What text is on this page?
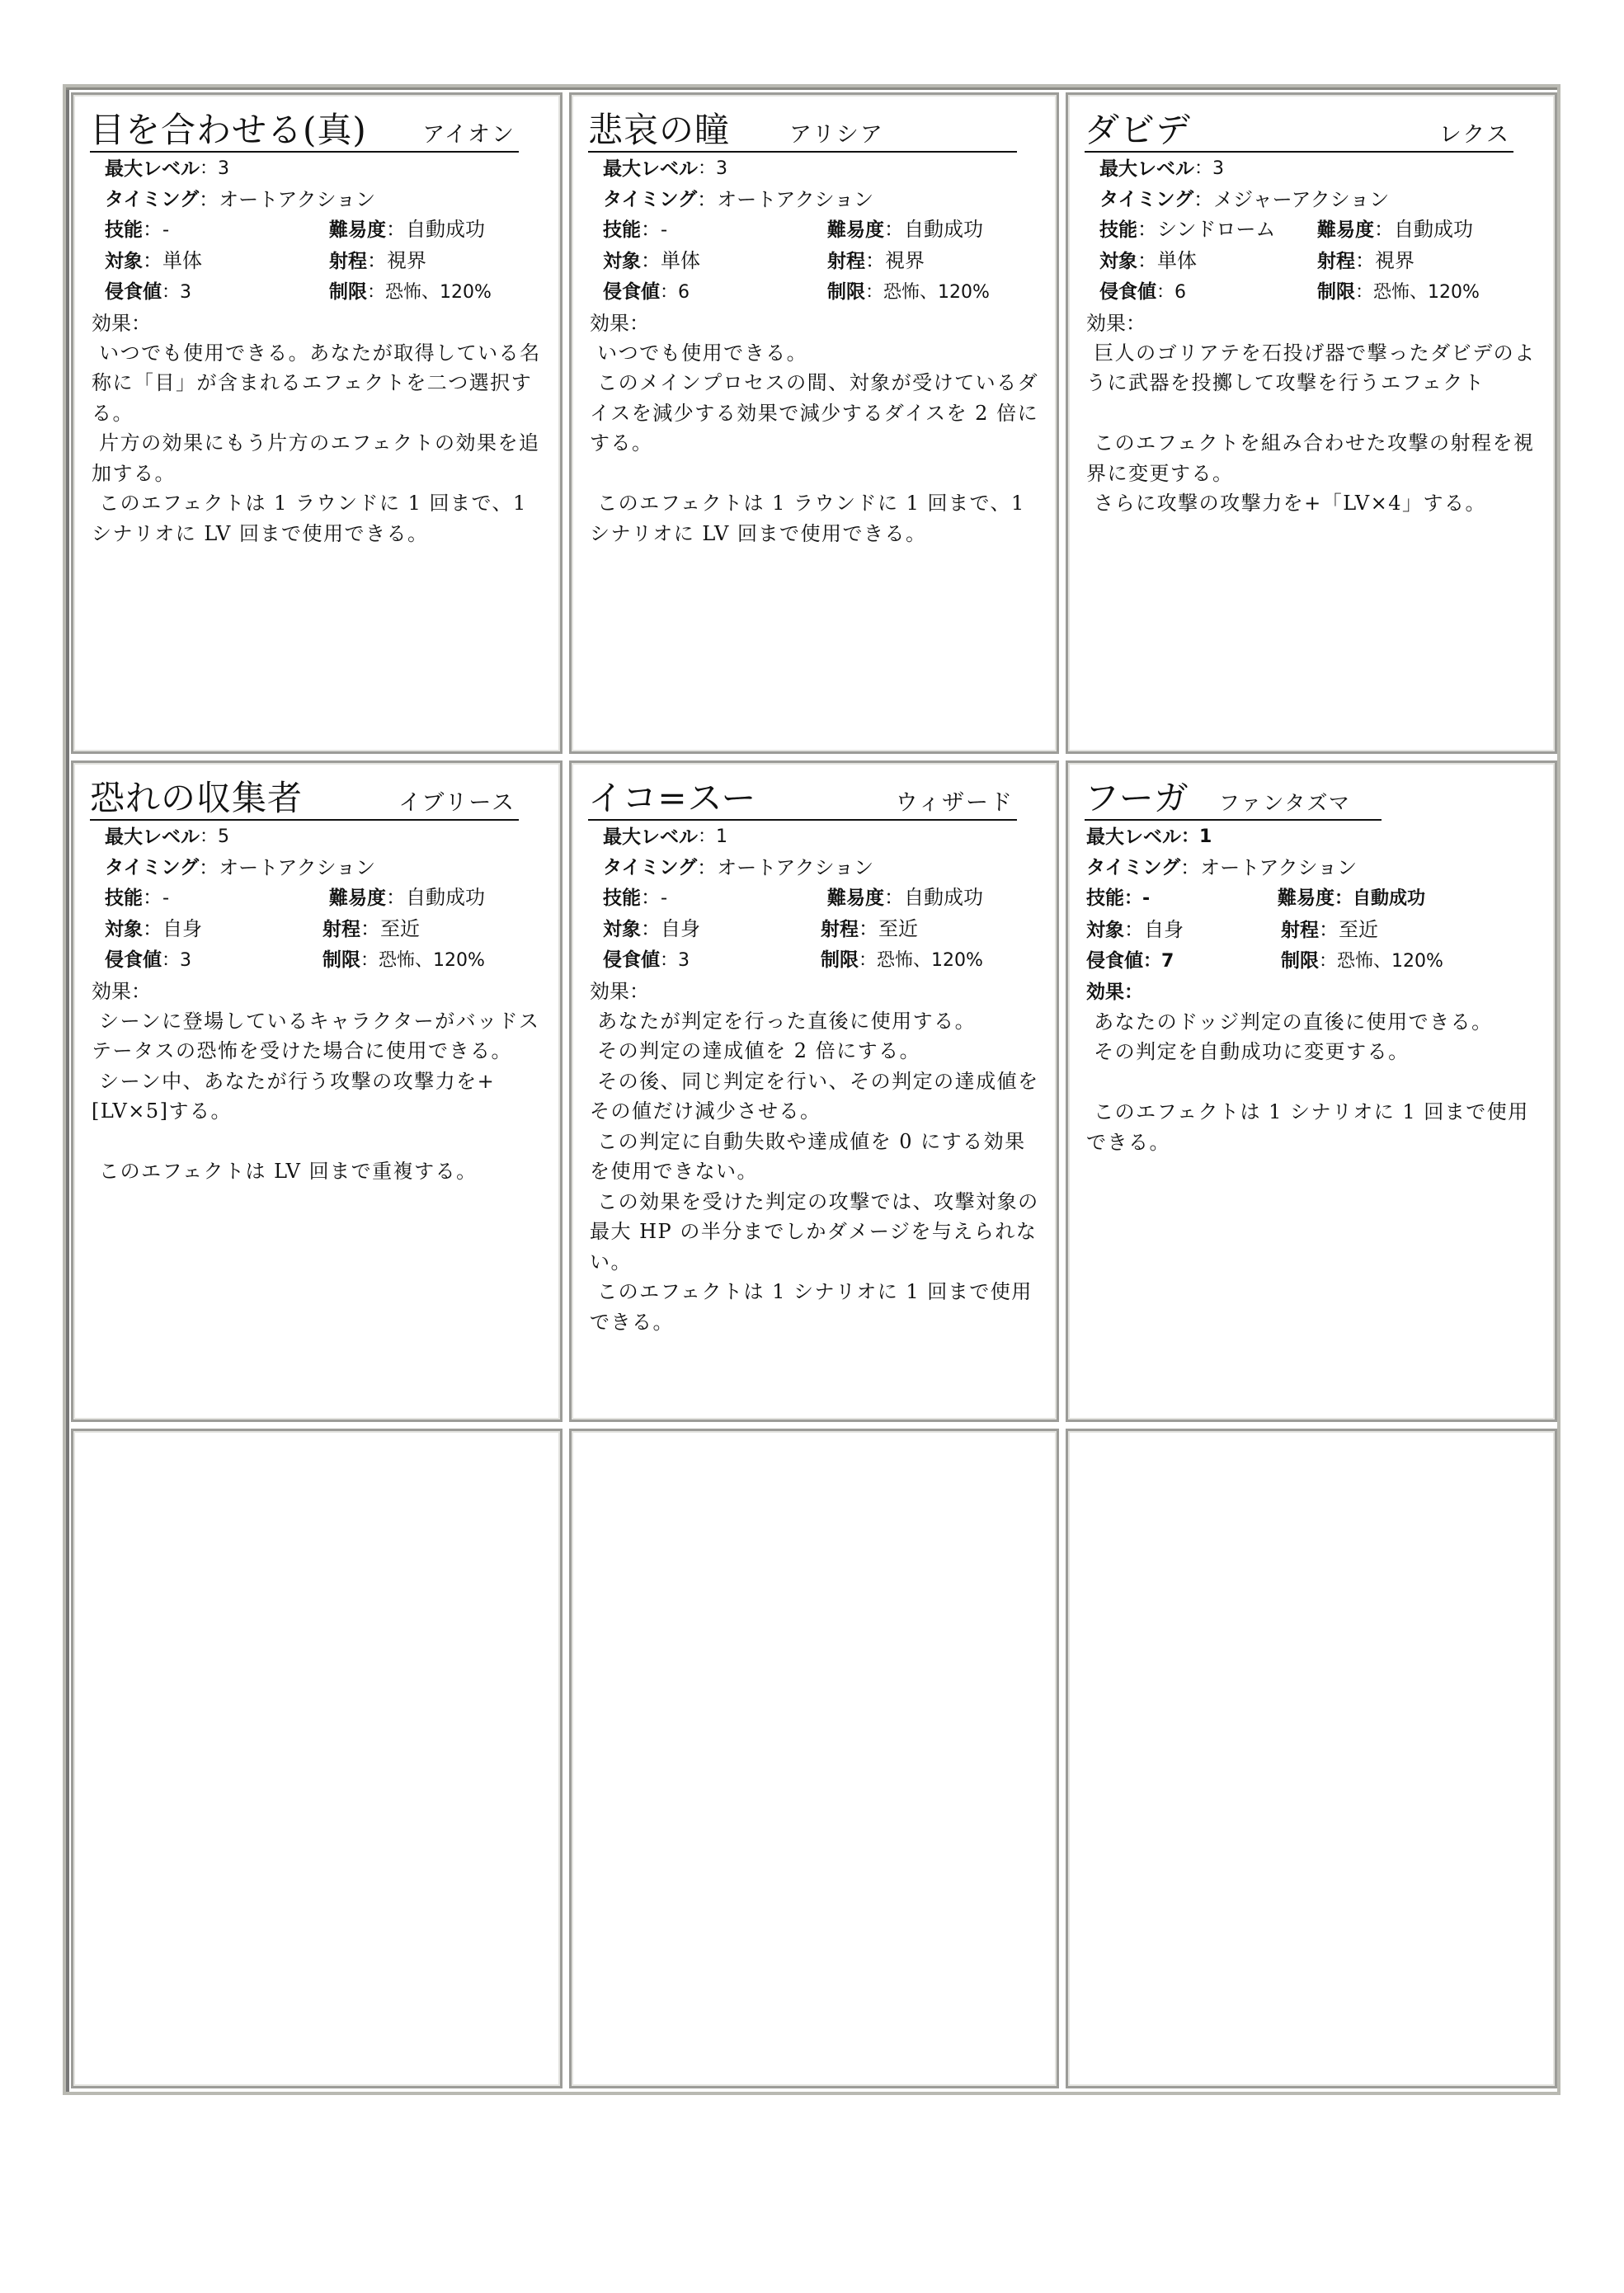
目を合わせる(真) アイオン
最大レベル ：3
タイミング ：オートアクション
技能：-	難易度：自動成功
対象：単体	射程：視界
侵食値：3	制限：恐怖、120%
効果：
いつでも使用できる。あなたが取得している名称に「目」が含まれるエフェクトを二つ選択する。
片方の効果にもう片方のエフェクトの効果を追加する。
このエフェクトは 1 ラウンドに 1 回まで、1 シナリオに LV 回まで使用できる。
悲哀の瞳	アリシア
最大レベル ：3
タイミング ：オートアクション
技能：-	難易度：自動成功
対象：単体	射程：視界
侵食値：6	制限：恐怖、120%
効果：
いつでも使用できる。
このメインプロセスの間、対象が受けているダイスを減少する効果で減少するダイスを 2 倍にする。

このエフェクトは 1 ラウンドに 1 回まで、1 シナリオに LV 回まで使用できる。
ダビデ	レクス
最大レベル ：3
タイミング ：メジャーアクション
技能：シンドローム	難易度：自動成功
対象：単体	射程：視界
侵食値：6	制限：恐怖、120%
効果：
巨人のゴリアテを石投げ器で撃ったダビデのように武器を投擲して攻撃を行うエフェクト

このエフェクトを組み合わせた攻撃の射程を視界に変更する。
さらに攻撃の攻撃力を+「LV×4」する。
恐れの収集者	イブリース
最大レベル ：5
タイミング ：オートアクション
技能：-	難易度：自動成功
対象：自身	射程：至近
侵食値：3	制限：恐怖、120%
効果：
シーンに登場しているキャラクターがバッドステータスの恐怖を受けた場合に使用できる。
シーン中、あなたが行う攻撃の攻撃力を+[LV×5]する。

このエフェクトは LV 回まで重複する。
イコ=スー	ウィザード
最大レベル ：1
タイミング ：オートアクション
技能：-	難易度：自動成功
対象：自身	射程：至近
侵食値：3	制限：恐怖、120%
効果：
あなたが判定を行った直後に使用する。
その判定の達成値を 2 倍にする。
その後、同じ判定を行い、その判定の達成値をその値だけ減少させる。
この判定に自動失敗や達成値を 0 にする効果を使用できない。
この効果を受けた判定の攻撃では、攻撃対象の最大 HP の半分までしかダメージを与えられない。
このエフェクトは 1 シナリオに 1 回まで使用できる。
フーガ ファンタズマ
最大レベル ：1
タイミング ：オートアクション
技能：-	難易度：自動成功
対象：自身	射程：至近
侵食値：7	制限：恐怖、120%
効果：
あなたのドッジ判定の直後に使用できる。
その判定を自動成功に変更する。

このエフェクトは 1 シナリオに 1 回まで使用できる。
